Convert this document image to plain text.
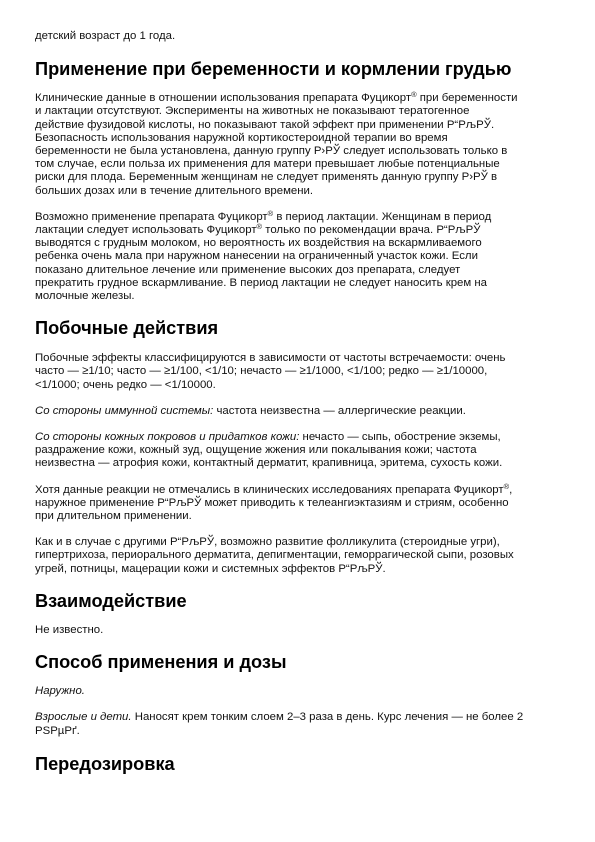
детский возраст до 1 года.

Применение при беременности и кормлении грудью

Клинические данные в отношении использования препарата Фуцикорт® при беременности
и лактации отсутствуют. Эксперименты на животных не показывают тератогенное
действие фузидовой кислоты, но показывают такой эффект при применении Р“РљРЎ.
Безопасность использования наружной кортикостероидной терапии во время
беременности не была установлена, данную группу Р›РЎ следует использовать только в
том случае, если польза их применения для матери превышает любые потенциальные
риски для плода. Беременным женщинам не следует применять данную группу Р›РЎ в
больших дозах или в течение длительного времени.

Возможно применение препарата Фуцикорт® в период лактации. Женщинам в период
лактации следует использовать Фуцикорт® только по рекомендации врача. Р“РљРЎ
выводятся с грудным молоком, но вероятность их воздействия на вскармливаемого
ребенка очень мала при наружном нанесении на ограниченный участок кожи. Если
показано длительное лечение или применение высоких доз препарата, следует
прекратить грудное вскармливание. В период лактации не следует наносить крем на
молочные железы.

Побочные действия

Побочные эффекты классифицируются в зависимости от частоты встречаемости: очень
часто — ≥1/10; часто — ≥1/100, <1/10; нечасто — ≥1/1000, <1/100; редко — ≥1/10000,
<1/1000; очень редко — <1/10000.

Со стороны иммунной системы: частота неизвестна — аллергические реакции.

Со стороны кожных покровов и придатков кожи: нечасто — сыпь, обострение экземы,
раздражение кожи, кожный зуд, ощущение жжения или покалывания кожи; частота
неизвестна — атрофия кожи, контактный дерматит, крапивница, эритема, сухость кожи.

Хотя данные реакции не отмечались в клинических исследованиях препарата Фуцикорт®,
наружное применение Р“РљРЎ может приводить к телеангиэктазиям и стриям, особенно
при длительном применении.

Как и в случае с другими Р“РљРЎ, возможно развитие фолликулита (стероидные угри),
гипертрихоза, периорального дерматита, депигментации, геморрагической сыпи, розовых
угрей, потницы, мацерации кожи и системных эффектов Р“РљРЎ.

Взаимодействие

Не известно.

Способ применения и дозы

Наружно.

Взрослые и дети. Наносят крем тонким слоем 2–3 раза в день. Курс лечения — не более 2
РЅРµРґ.

Передозировка
